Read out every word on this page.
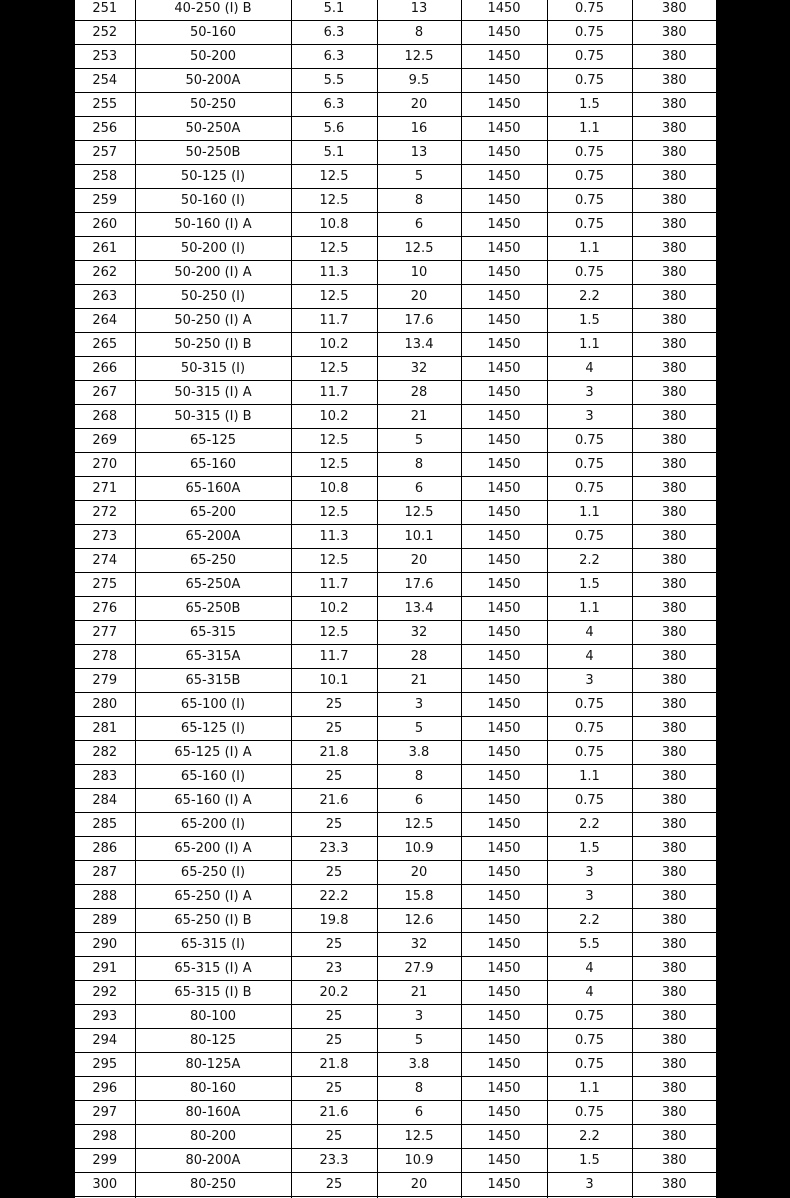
251	40-250 (I) B	5.1	13	1450	0.75	380
252	50-160	6.3	8	1450	0.75	380
253	50-200	6.3	12.5	1450	0.75	380
254	50-200A	5.5	9.5	1450	0.75	380
255	50-250	6.3	20	1450	1.5	380
256	50-250A	5.6	16	1450	1.1	380
257	50-250B	5.1	13	1450	0.75	380
258	50-125 (I)	12.5	5	1450	0.75	380
259	50-160 (I)	12.5	8	1450	0.75	380
260	50-160 (I) A	10.8	6	1450	0.75	380
261	50-200 (I)	12.5	12.5	1450	1.1	380
262	50-200 (I) A	11.3	10	1450	0.75	380
263	50-250 (I)	12.5	20	1450	2.2	380
264	50-250 (I) A	11.7	17.6	1450	1.5	380
265	50-250 (I) B	10.2	13.4	1450	1.1	380
266	50-315 (I)	12.5	32	1450	4	380
267	50-315 (I) A	11.7	28	1450	3	380
268	50-315 (I) B	10.2	21	1450	3	380
269	65-125	12.5	5	1450	0.75	380
270	65-160	12.5	8	1450	0.75	380
271	65-160A	10.8	6	1450	0.75	380
272	65-200	12.5	12.5	1450	1.1	380
273	65-200A	11.3	10.1	1450	0.75	380
274	65-250	12.5	20	1450	2.2	380
275	65-250A	11.7	17.6	1450	1.5	380
276	65-250B	10.2	13.4	1450	1.1	380
277	65-315	12.5	32	1450	4	380
278	65-315A	11.7	28	1450	4	380
279	65-315B	10.1	21	1450	3	380
280	65-100 (I)	25	3	1450	0.75	380
281	65-125 (I)	25	5	1450	0.75	380
282	65-125 (I) A	21.8	3.8	1450	0.75	380
283	65-160 (I)	25	8	1450	1.1	380
284	65-160 (I) A	21.6	6	1450	0.75	380
285	65-200 (I)	25	12.5	1450	2.2	380
286	65-200 (I) A	23.3	10.9	1450	1.5	380
287	65-250 (I)	25	20	1450	3	380
288	65-250 (I) A	22.2	15.8	1450	3	380
289	65-250 (I) B	19.8	12.6	1450	2.2	380
290	65-315 (I)	25	32	1450	5.5	380
291	65-315 (I) A	23	27.9	1450	4	380
292	65-315 (I) B	20.2	21	1450	4	380
293	80-100	25	3	1450	0.75	380
294	80-125	25	5	1450	0.75	380
295	80-125A	21.8	3.8	1450	0.75	380
296	80-160	25	8	1450	1.1	380
297	80-160A	21.6	6	1450	0.75	380
298	80-200	25	12.5	1450	2.2	380
299	80-200A	23.3	10.9	1450	1.5	380
300	80-250	25	20	1450	3	380
